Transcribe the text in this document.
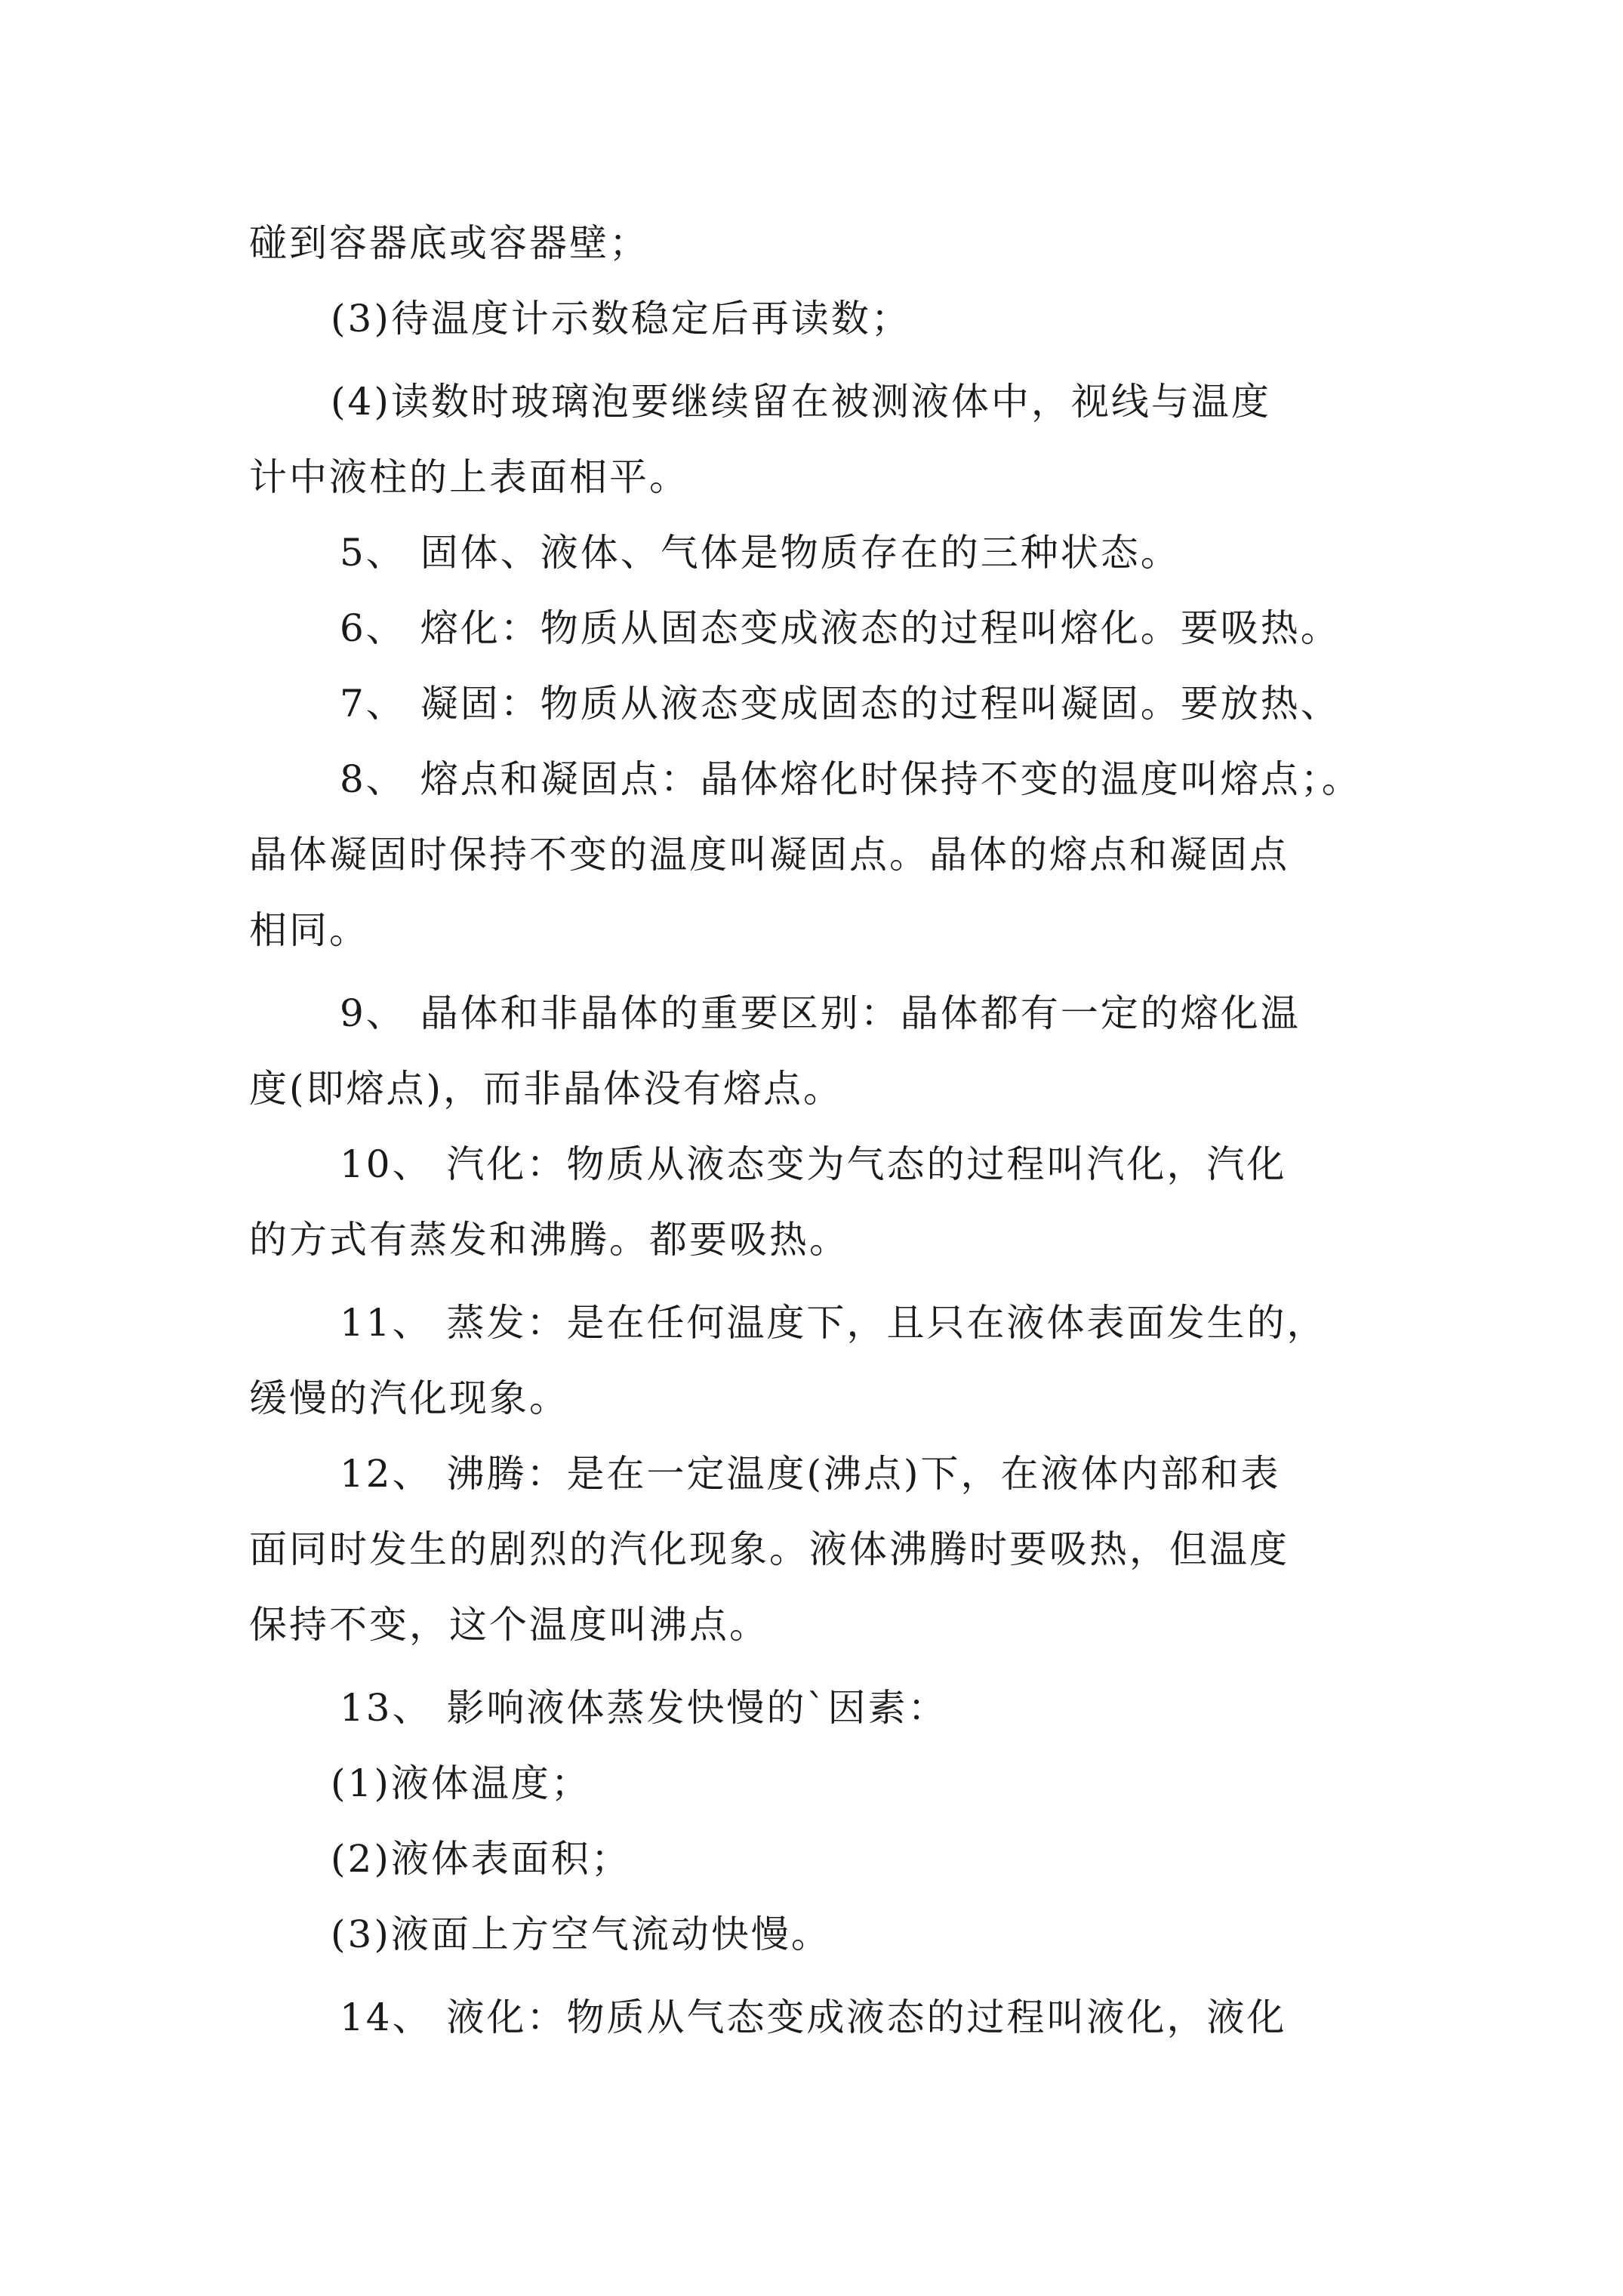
碰到容器底或容器壁；
(3)待温度计示数稳定后再读数；
(4)读数时玻璃泡要继续留在被测液体中，视线与温度
计中液柱的上表面相平。
5、 固体、液体、气体是物质存在的三种状态。
6、 熔化：物质从固态变成液态的过程叫熔化。要吸热。
7、 凝固：物质从液态变成固态的过程叫凝固。要放热、
8、 熔点和凝固点：晶体熔化时保持不变的温度叫熔点；。
晶体凝固时保持不变的温度叫凝固点。晶体的熔点和凝固点
相同。
9、 晶体和非晶体的重要区别：晶体都有一定的熔化温
度(即熔点)，而非晶体没有熔点。
10、 汽化：物质从液态变为气态的过程叫汽化，汽化
的方式有蒸发和沸腾。都要吸热。
11、 蒸发：是在任何温度下，且只在液体表面发生的，
缓慢的汽化现象。
12、 沸腾：是在一定温度(沸点)下，在液体内部和表
面同时发生的剧烈的汽化现象。液体沸腾时要吸热，但温度
保持不变，这个温度叫沸点。
13、 影响液体蒸发快慢的`因素：
(1)液体温度；
(2)液体表面积；
(3)液面上方空气流动快慢。
14、 液化：物质从气态变成液态的过程叫液化，液化
